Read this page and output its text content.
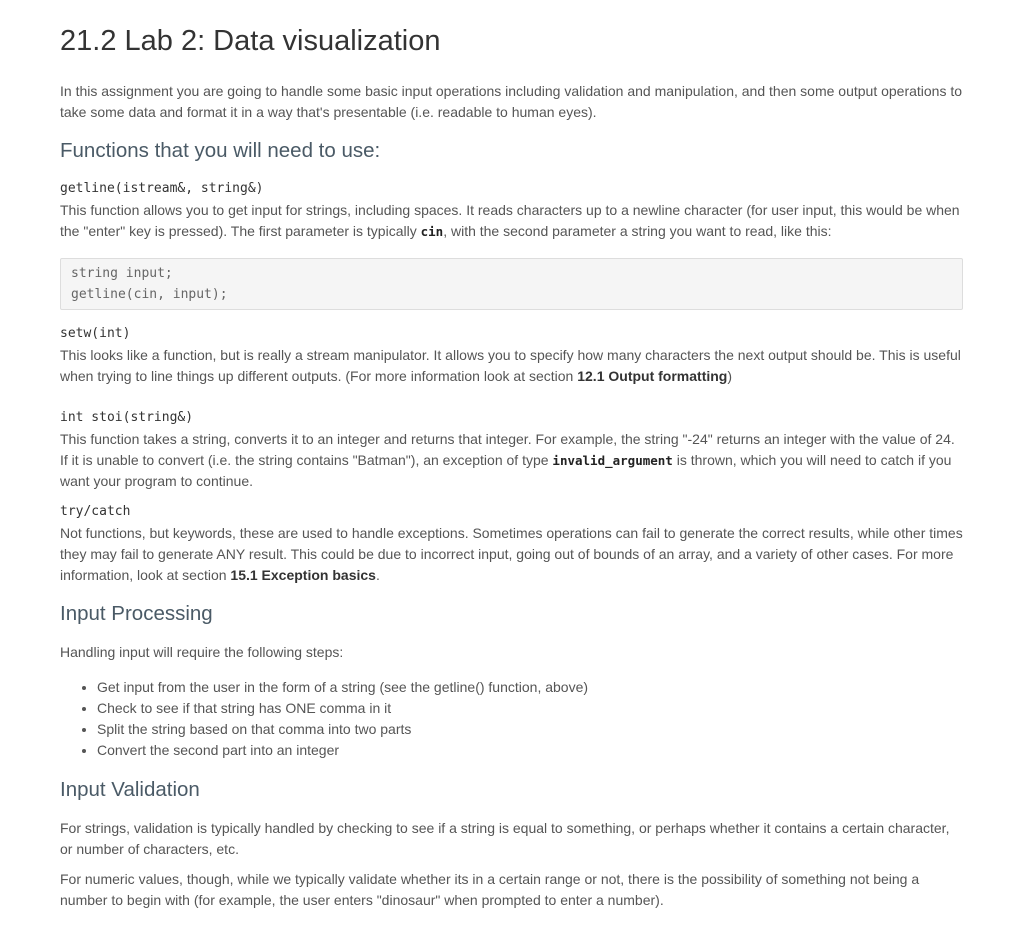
21.2 Lab 2: Data visualization

In this assignment you are going to handle some basic input operations including validation and manipulation, and then some output operations to take some data and format it in a way that's presentable (i.e. readable to human eyes).

Functions that you will need to use:
getline(istream&, string&)

This function allows you to get input for strings, including spaces. It reads characters up to a newline character (for user input, this would be when the "enter" key is pressed). The first parameter is typically cin, with the second parameter a string you want to read, like this:

string input;
getline(cin, input);
setw(int)

This looks like a function, but is really a stream manipulator. It allows you to specify how many characters the next output should be. This is useful when trying to line things up different outputs. (For more information look at section 12.1 Output formatting)

int stoi(string&)

This function takes a string, converts it to an integer and returns that integer. For example, the string "-24" returns an integer with the value of 24. If it is unable to convert (i.e. the string contains "Batman"), an exception of type invalid_argument is thrown, which you will need to catch if you want your program to continue.

try/catch

Not functions, but keywords, these are used to handle exceptions. Sometimes operations can fail to generate the correct results, while other times they may fail to generate ANY result. This could be due to incorrect input, going out of bounds of an array, and a variety of other cases. For more information, look at section 15.1 Exception basics.

Input Processing

Handling input will require the following steps:

• Get input from the user in the form of a string (see the getline() function, above)
• Check to see if that string has ONE comma in it
• Split the string based on that comma into two parts
• Convert the second part into an integer
Input Validation

For strings, validation is typically handled by checking to see if a string is equal to something, or perhaps whether it contains a certain character, or number of characters, etc.

For numeric values, though, while we typically validate whether its in a certain range or not, there is the possibility of something not being a number to begin with (for example, the user enters "dinosaur" when prompted to enter a number).
